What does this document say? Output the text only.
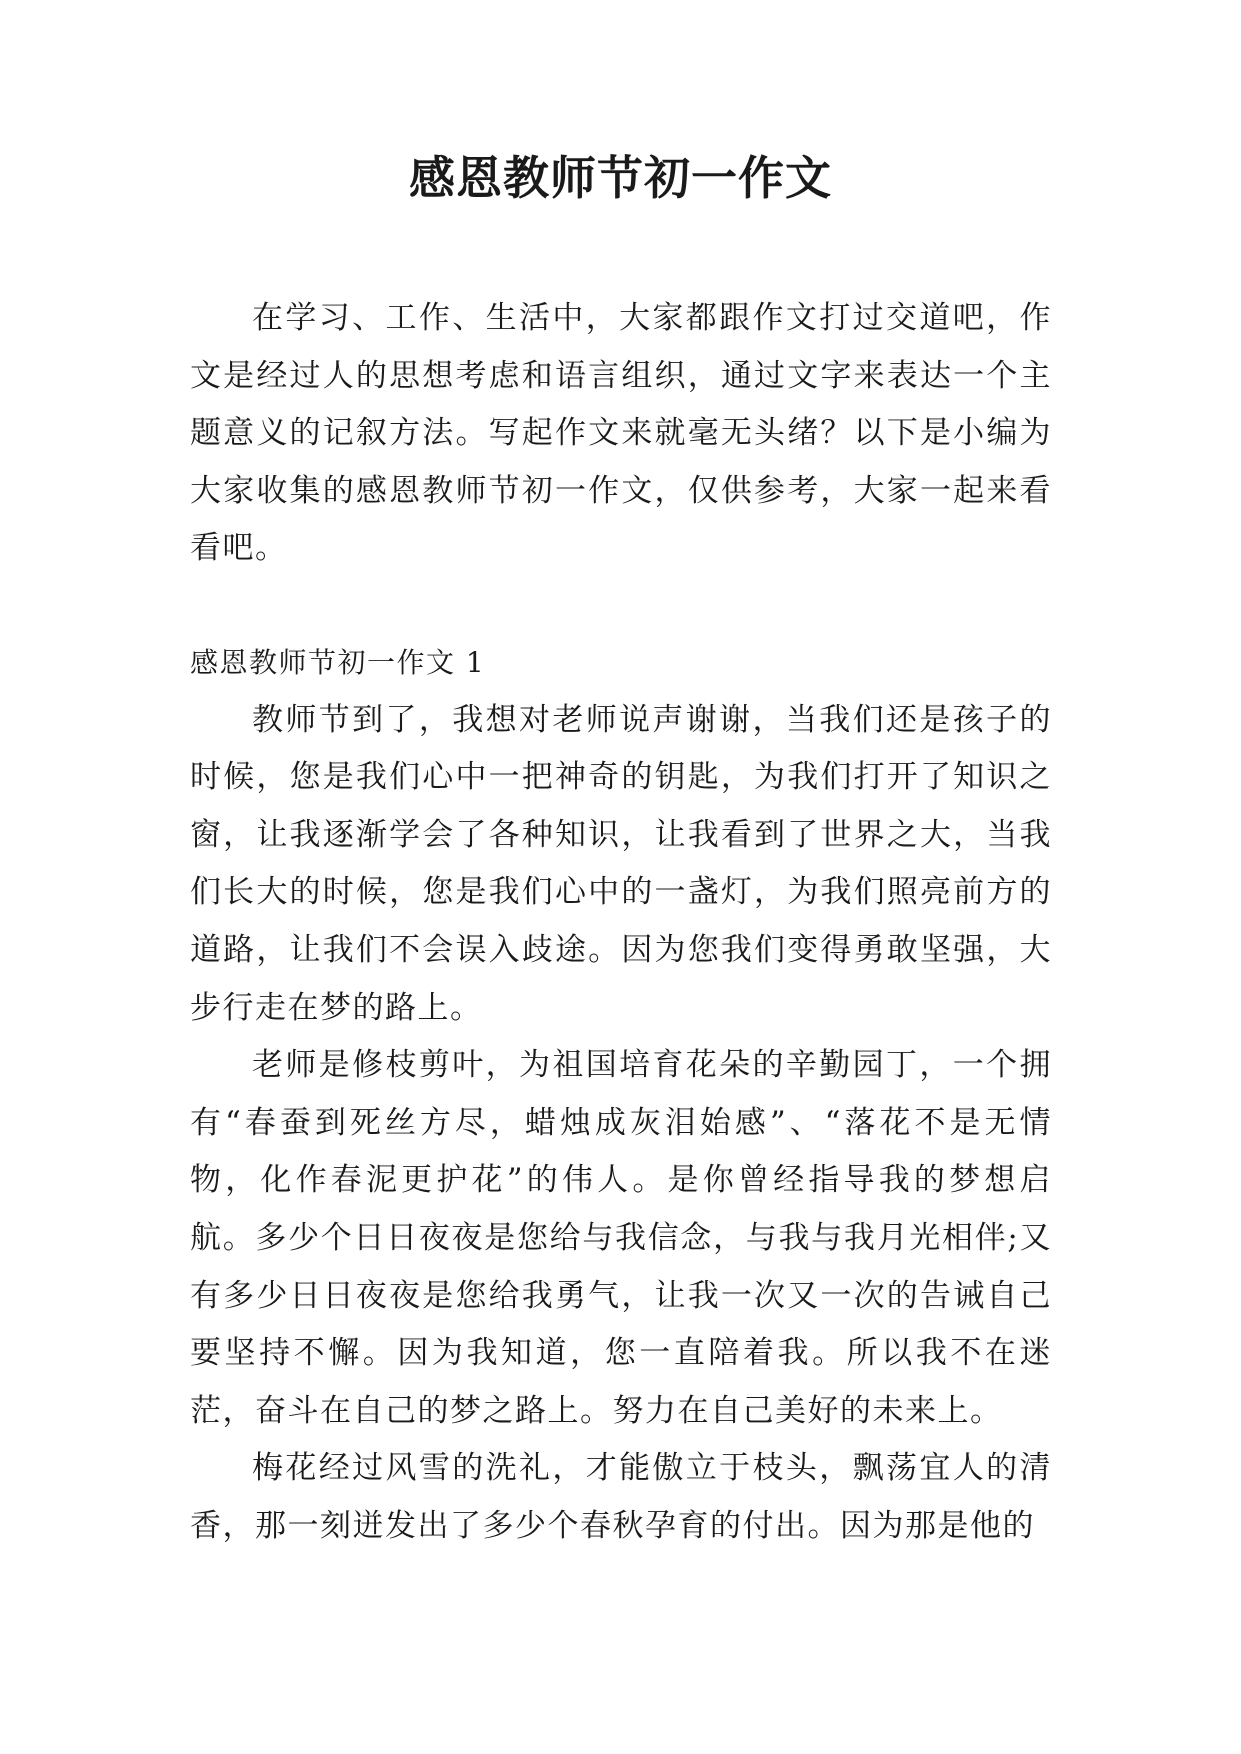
感恩教师节初一作文

在学习、工作、生活中，大家都跟作文打过交道吧，作文是经过人的思想考虑和语言组织，通过文字来表达一个主题意义的记叙方法。写起作文来就毫无头绪？以下是小编为大家收集的感恩教师节初一作文，仅供参考，大家一起来看看吧。

感恩教师节初一作文 1

教师节到了，我想对老师说声谢谢，当我们还是孩子的时候，您是我们心中一把神奇的钥匙，为我们打开了知识之窗，让我逐渐学会了各种知识，让我看到了世界之大，当我们长大的时候，您是我们心中的一盏灯，为我们照亮前方的道路，让我们不会误入歧途。因为您我们变得勇敢坚强，大步行走在梦的路上。

老师是修枝剪叶，为祖国培育花朵的辛勤园丁，一个拥有“春蚕到死丝方尽，蜡烛成灰泪始感”、“落花不是无情物，化作春泥更护花”的伟人。是你曾经指导我的梦想启航。多少个日日夜夜是您给与我信念，与我与我月光相伴;又有多少日日夜夜是您给我勇气，让我一次又一次的告诫自己要坚持不懈。因为我知道，您一直陪着我。所以我不在迷茫，奋斗在自己的梦之路上。努力在自己美好的未来上。

梅花经过风雪的洗礼，才能傲立于枝头，飘荡宜人的清香，那一刻迸发出了多少个春秋孕育的付出。因为那是他的
